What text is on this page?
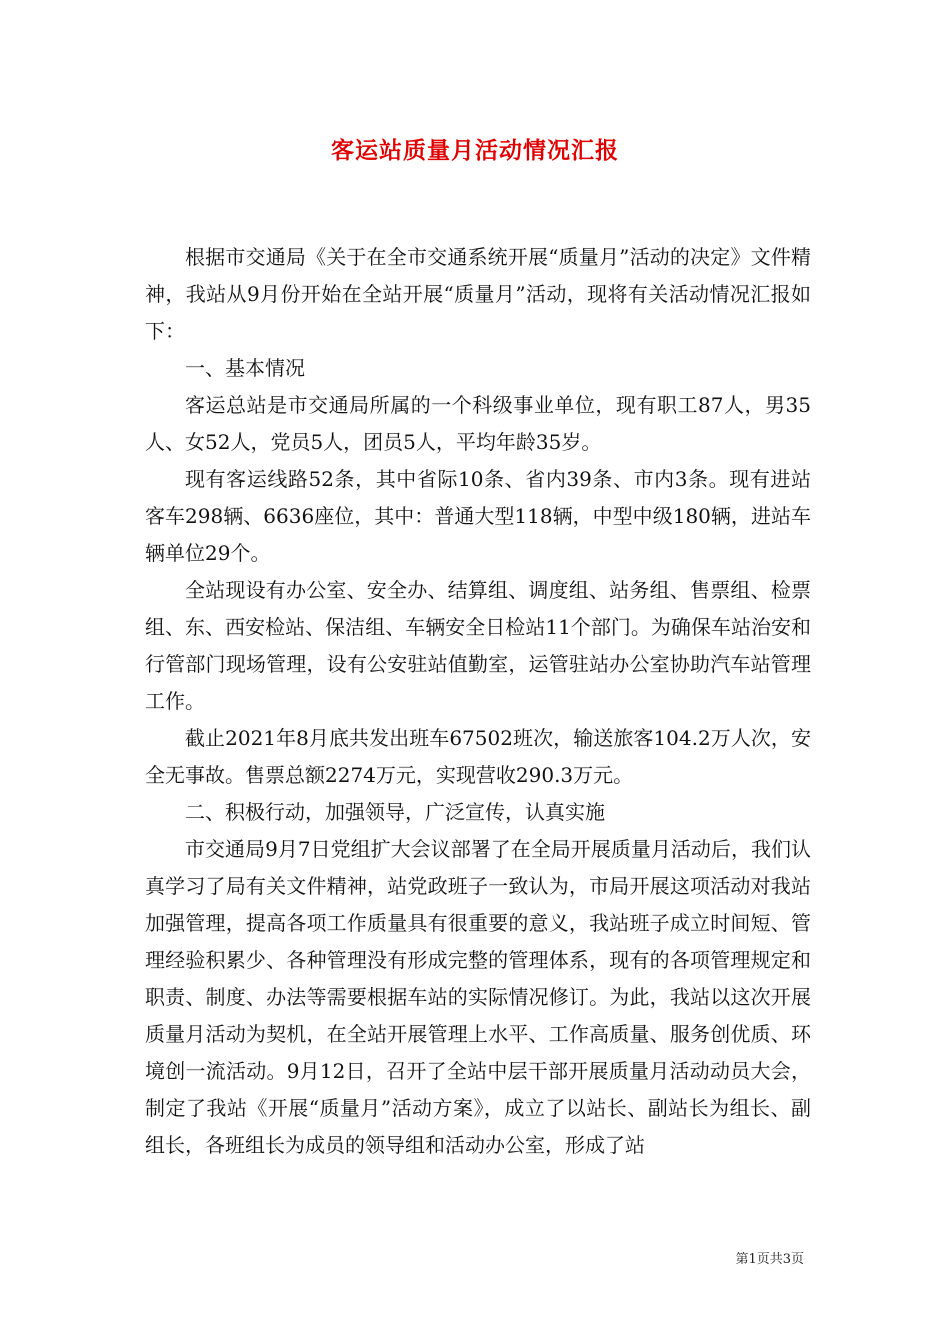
客运站质量月活动情况汇报

根据市交通局《关于在全市交通系统开展“质量月”活动的决定》文件精神，我站从9月份开始在全站开展“质量月”活动，现将有关活动情况汇报如下：

一、基本情况

客运总站是市交通局所属的一个科级事业单位，现有职工87人，男35人、女52人，党员5人，团员5人，平均年龄35岁。

现有客运线路52条，其中省际10条、省内39条、市内3条。现有进站客车298辆、6636座位，其中：普通大型118辆，中型中级180辆，进站车辆单位29个。

全站现设有办公室、安全办、结算组、调度组、站务组、售票组、检票组、东、西安检站、保洁组、车辆安全日检站11个部门。为确保车站治安和行管部门现场管理，设有公安驻站值勤室，运管驻站办公室协助汽车站管理工作。

截止2021年8月底共发出班车67502班次，输送旅客104.2万人次，安全无事故。售票总额2274万元，实现营收290.3万元。

二、积极行动，加强领导，广泛宣传，认真实施

市交通局9月7日党组扩大会议部署了在全局开展质量月活动后，我们认真学习了局有关文件精神，站党政班子一致认为，市局开展这项活动对我站加强管理，提高各项工作质量具有很重要的意义，我站班子成立时间短、管理经验积累少、各种管理没有形成完整的管理体系，现有的各项管理规定和职责、制度、办法等需要根据车站的实际情况修订。为此，我站以这次开展质量月活动为契机，在全站开展管理上水平、工作高质量、服务创优质、环境创一流活动。9月12日，召开了全站中层干部开展质量月活动动员大会，制定了我站《开展“质量月”活动方案》，成立了以站长、副站长为组长、副组长，各班组长为成员的领导组和活动办公室，形成了站

第1页共3页
